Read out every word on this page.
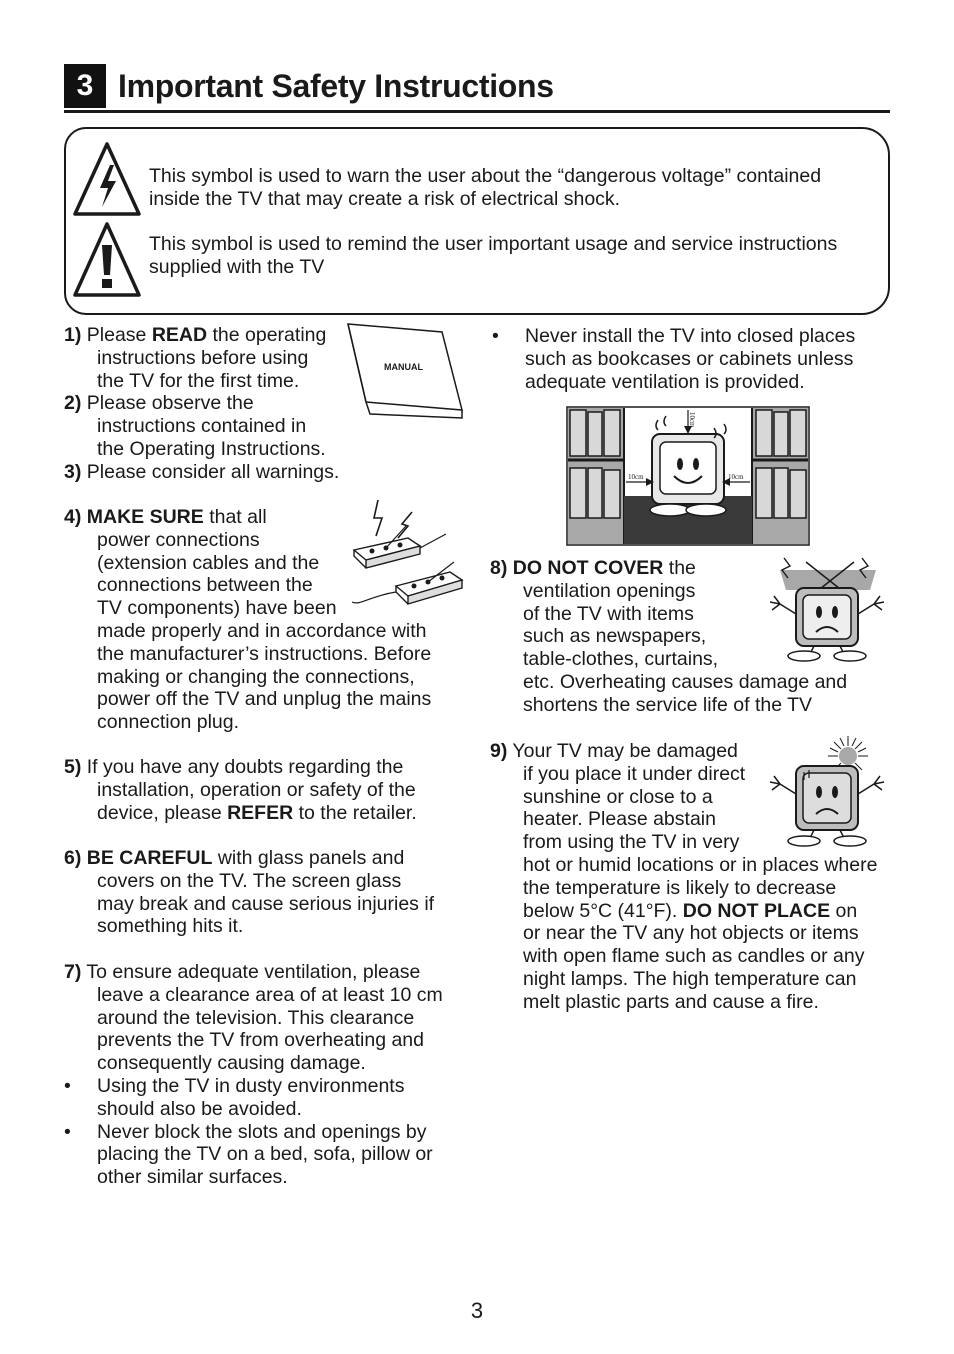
3 Important Safety Instructions
This symbol is used to warn the user about the “dangerous voltage” contained inside the TV that may create a risk of electrical shock.
This symbol is used to remind the user important usage and service instructions supplied with the TV

1) Please READ the operating

instructions before using

the TV for the first time.

2) Please observe the

instructions contained in

the Operating Instructions.

3) Please consider all warnings.

MANUAL

4) MAKE SURE that all

power connections

(extension cables and the

connections between the

TV components) have been

made properly and in accordance with

the manufacturer’s instructions. Before

making or changing the connections,

power off the TV and unplug the mains

connection plug.

5) If you have any doubts regarding the

installation, operation or safety of the

device, please REFER to the retailer.

6) BE CAREFUL with glass panels and

covers on the TV. The screen glass

may break and cause serious injuries if

something hits it.

7) To ensure adequate ventilation, please

leave a clearance area of at least 10 cm

around the television. This clearance

prevents the TV from overheating and

consequently causing damage.

• Using the TV in dusty environments

should also be avoided.

• Never block the slots and openings by

placing the TV on a bed, sofa, pillow or

other similar surfaces.

• Never install the TV into closed places

such as bookcases or cabinets unless

adequate ventilation is provided.

10cm
10cm	10cm

8) DO NOT COVER the

ventilation openings

of the TV with items

such as newspapers,

table-clothes, curtains,

etc. Overheating causes damage and

shortens the service life of the TV

9) Your TV may be damaged

if you place it under direct

sunshine or close to a

heater. Please abstain

from using the TV in very

hot or humid locations or in places where

the temperature is likely to decrease

below 5°C (41°F). DO NOT PLACE on

or near the TV any hot objects or items

with open flame such as candles or any

night lamps. The high temperature can

melt plastic parts and cause a fire.

3
